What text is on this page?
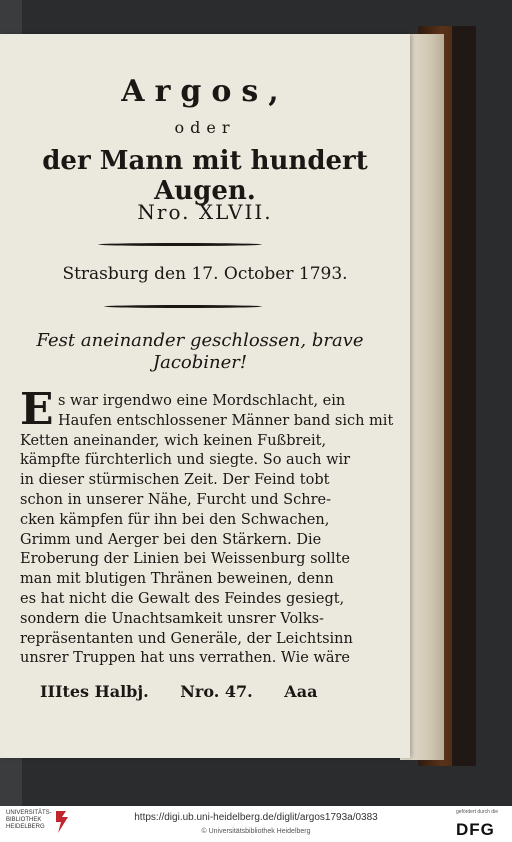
Argos,
oder
der Mann mit hundert Augen.
Nro. XLVII.
Strasburg den 17. October 1793.
Fest aneinander geschlossen, brave Jacobiner!
E s war irgendwo eine Mordschlacht, ein
Haufen entschlossener Männer band sich mit
Ketten aneinander, wich keinen Fußbreit,
kämpfte fürchterlich und siegte. So auch wir
in dieser stürmischen Zeit. Der Feind tobt
schon in unserer Nähe, Furcht und Schre-
cken kämpfen für ihn bei den Schwachen,
Grimm und Aerger bei den Stärkern. Die
Eroberung der Linien bei Weissenburg sollte
man mit blutigen Thränen beweinen, denn
es hat nicht die Gewalt des Feindes gesiegt,
sondern die Unachtsamkeit unsrer Volks-
repräsentanten und Generäle, der Leichtsinn
unsrer Truppen hat uns verrathen. Wie wäre
IIItes Halbj. Nro. 47. Aaa
UNIVERSITÄTS-BIBLIOTHEK HEIDELBERG
https://digi.ub.uni-heidelberg.de/diglit/argos1793a/0383
© Universitätsbibliothek Heidelberg
gefördert durch die
DFG
